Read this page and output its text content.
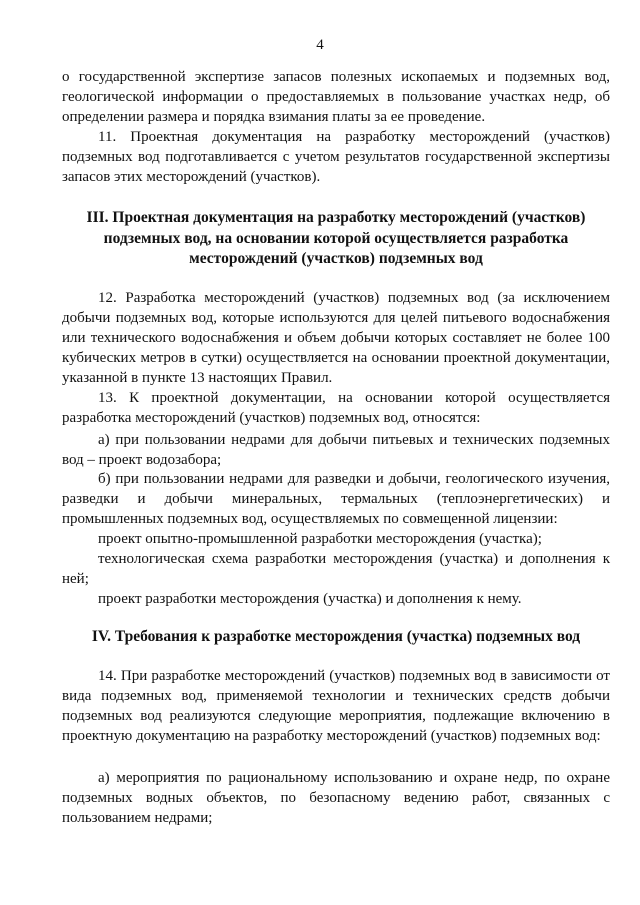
4

о государственной экспертизе запасов полезных ископаемых и подземных вод, геологической информации о предоставляемых в пользование участках недр, об определении размера и порядка взимания платы за ее проведение.

11. Проектная документация на разработку месторождений (участков) подземных вод подготавливается с учетом результатов государственной экспертизы запасов этих месторождений (участков).

III. Проектная документация на разработку месторождений (участков) подземных вод, на основании которой осуществляется разработка месторождений (участков) подземных вод

12. Разработка месторождений (участков) подземных вод (за исключением добычи подземных вод, которые используются для целей питьевого водоснабжения или технического водоснабжения и объем добычи которых составляет не более 100 кубических метров в сутки) осуществляется на основании проектной документации, указанной в пункте 13 настоящих Правил.

13. К проектной документации, на основании которой осуществляется разработка месторождений (участков) подземных вод, относятся:

а) при пользовании недрами для добычи питьевых и технических подземных вод – проект водозабора;

б) при пользовании недрами для разведки и добычи, геологического изучения, разведки и добычи минеральных, термальных (теплоэнергетических) и промышленных подземных вод, осуществляемых по совмещенной лицензии:

проект опытно-промышленной разработки месторождения (участка);

технологическая схема разработки месторождения (участка) и дополнения к ней;

проект разработки месторождения (участка) и дополнения к нему.

IV. Требования к разработке месторождения (участка) подземных вод

14. При разработке месторождений (участков) подземных вод в зависимости от вида подземных вод, применяемой технологии и технических средств добычи подземных вод реализуются следующие мероприятия, подлежащие включению в проектную документацию на разработку месторождений (участков) подземных вод:

а) мероприятия по рациональному использованию и охране недр, по охране подземных водных объектов, по безопасному ведению работ, связанных с пользованием недрами;
